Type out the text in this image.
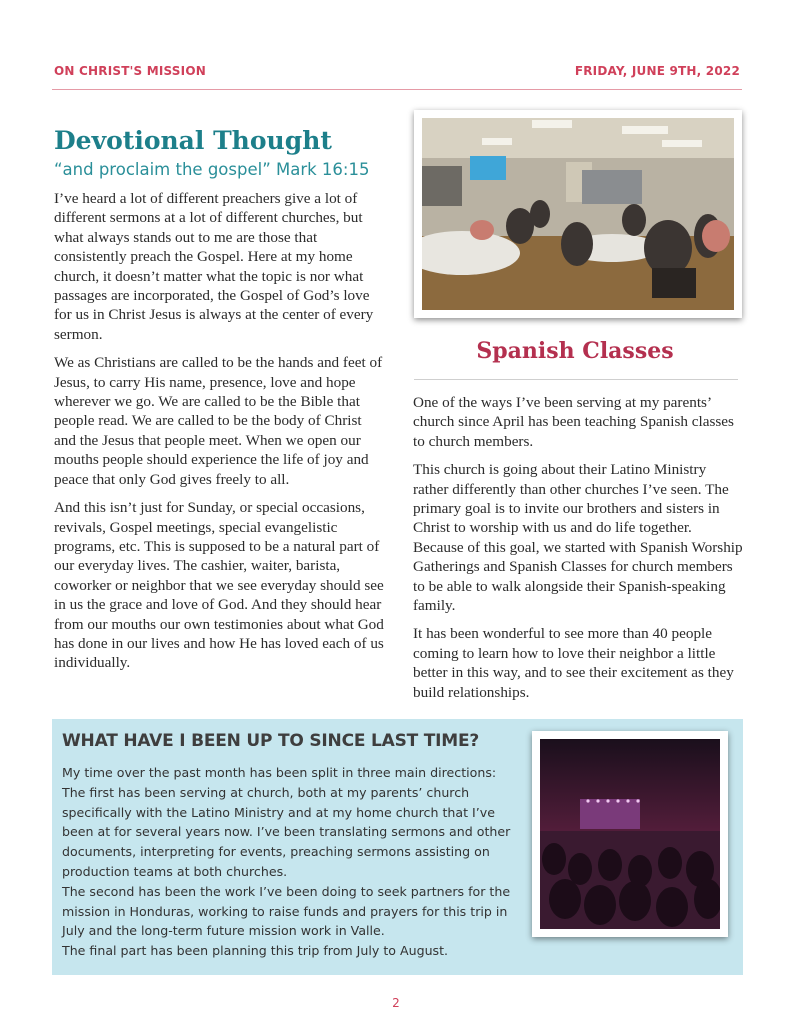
ON CHRIST'S MISSION	FRIDAY, JUNE 9TH, 2022
Devotional Thought
“and proclaim the gospel” Mark 16:15

I’ve heard a lot of different preachers give a lot of different sermons at a lot of different churches, but what always stands out to me are those that consistently preach the Gospel. Here at my home church, it doesn’t matter what the topic is nor what passages are incorporated, the Gospel of God’s love for us in Christ Jesus is always at the center of every sermon.

We as Christians are called to be the hands and feet of Jesus, to carry His name, presence, love and hope wherever we go. We are called to be the Bible that people read. We are called to be the body of Christ and the Jesus that people meet. When we open our mouths people should experience the life of joy and peace that only God gives freely to all.

And this isn’t just for Sunday, or special occasions, revivals, Gospel meetings, special evangelistic programs, etc. This is supposed to be a natural part of our everyday lives. The cashier, waiter, barista, coworker or neighbor that we see everyday should see in us the grace and love of God. And they should hear from our mouths our own testimonies about what God has done in our lives and how He has loved each of us individually.

Spanish Classes

One of the ways I’ve been serving at my parents’ church since April has been teaching Spanish classes to church members.

This church is going about their Latino Ministry rather differently than other churches I’ve seen. The primary goal is to invite our brothers and sisters in Christ to worship with us and do life together. Because of this goal, we started with Spanish Worship Gatherings and Spanish Classes for church members to be able to walk alongside their Spanish-speaking family.

It has been wonderful to see more than 40 people coming to learn how to love their neighbor a little better in this way, and to see their excitement as they build relationships.

WHAT HAVE I BEEN UP TO SINCE LAST TIME?

My time over the past month has been split in three main directions: The first has been serving at church, both at my parents’ church specifically with the Latino Ministry and at my home church that I’ve been at for several years now. I’ve been translating sermons and other documents, interpreting for events, preaching sermons assisting on production teams at both churches.

The second has been the work I’ve been doing to seek partners for the mission in Honduras, working to raise funds and prayers for this trip in July and the long-term future mission work in Valle.

The final part has been planning this trip from July to August.

2
